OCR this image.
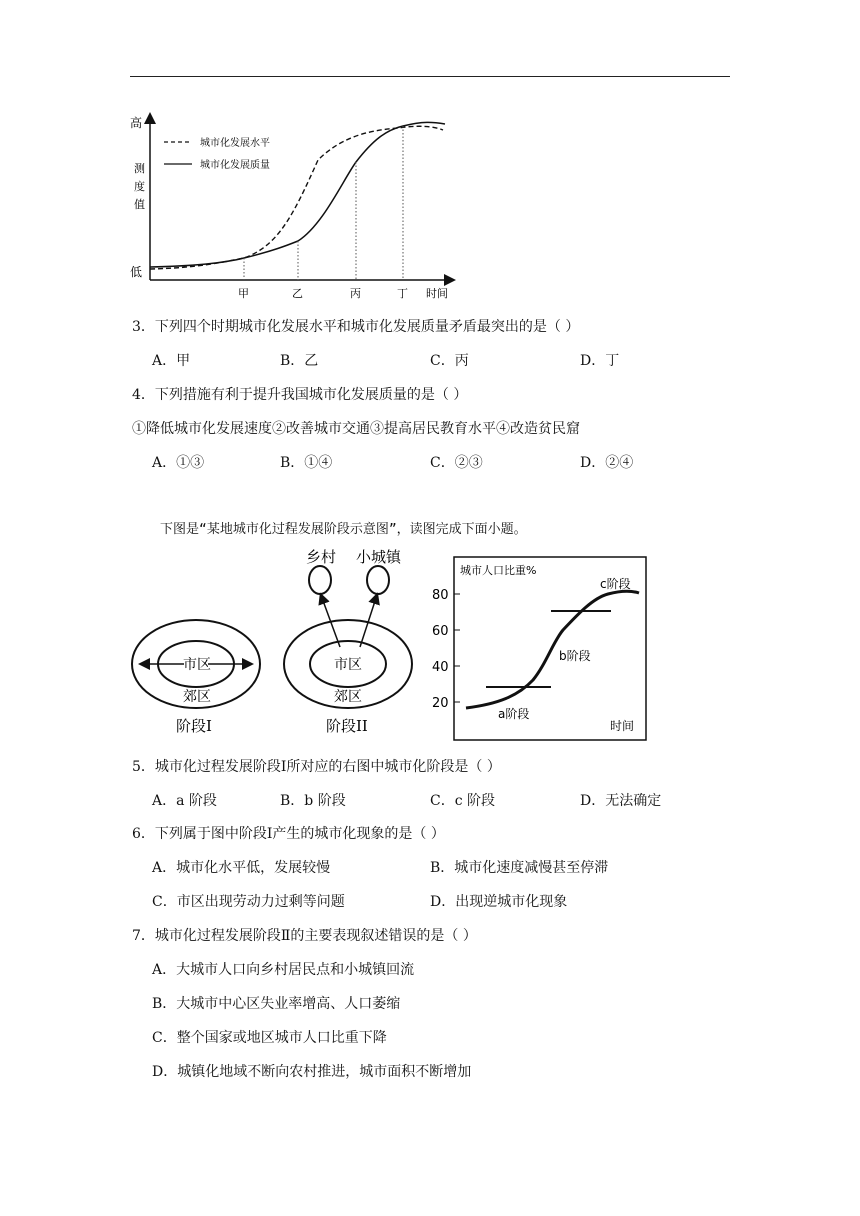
高
测
度
值
低
城市化发展水平
城市化发展质量
甲	乙	丙	丁 时间
3．下列四个时期城市化发展水平和城市化发展质量矛盾最突出的是（ ）
A．甲	B．乙	C．丙	D．丁
4．下列措施有利于提升我国城市化发展质量的是（ ）
①降低城市化发展速度②改善城市交通③提高居民教育水平④改造贫民窟
A．①③	B．①④	C．②③	D．②④
下图是“某地城市化过程发展阶段示意图”，读图完成下面小题。
市区
郊区
阶段I
乡村 小城镇
市区
郊区
阶段II
城市人口比重%
80
60
40
20
a阶段
b阶段
c阶段
时间
5．城市化过程发展阶段Ⅰ所对应的右图中城市化阶段是（ ）
A．a 阶段	B．b 阶段	C．c 阶段	D．无法确定
6．下列属于图中阶段Ⅰ产生的城市化现象的是（ ）
A．城市化水平低，发展较慢	B．城市化速度减慢甚至停滞
C．市区出现劳动力过剩等问题	D．出现逆城市化现象
7．城市化过程发展阶段Ⅱ的主要表现叙述错误的是（ ）
A．大城市人口向乡村居民点和小城镇回流
B．大城市中心区失业率增高、人口萎缩
C．整个国家或地区城市人口比重下降
D．城镇化地域不断向农村推进，城市面积不断增加
